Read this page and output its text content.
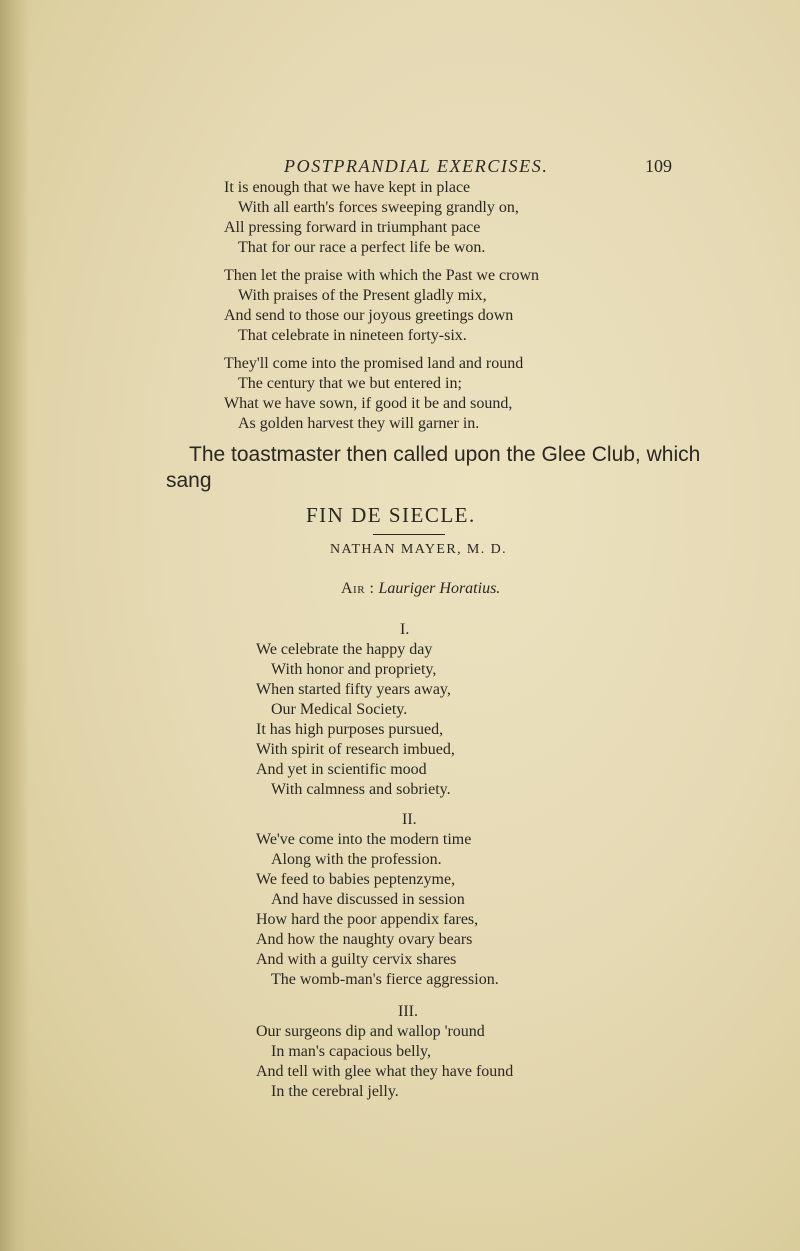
POSTPRANDIAL EXERCISES.	109
It is enough that we have kept in place
With all earth's forces sweeping grandly on,
All pressing forward in triumphant pace
That for our race a perfect life be won.
Then let the praise with which the Past we crown
With praises of the Present gladly mix,
And send to those our joyous greetings down
That celebrate in nineteen forty-six.
They'll come into the promised land and round
The century that we but entered in;
What we have sown, if good it be and sound,
As golden harvest they will garner in.
The toastmaster then called upon the Glee Club, which
sang
FIN DE SIECLE.
NATHAN MAYER, M. D.
Air : Lauriger Horatius.
I.
We celebrate the happy day
With honor and propriety,
When started fifty years away,
Our Medical Society.
It has high purposes pursued,
With spirit of research imbued,
And yet in scientific mood
With calmness and sobriety.
II.
We've come into the modern time
Along with the profession.
We feed to babies peptenzyme,
And have discussed in session
How hard the poor appendix fares,
And how the naughty ovary bears
And with a guilty cervix shares
The womb-man's fierce aggression.
III.
Our surgeons dip and wallop 'round
In man's capacious belly,
And tell with glee what they have found
In the cerebral jelly.
